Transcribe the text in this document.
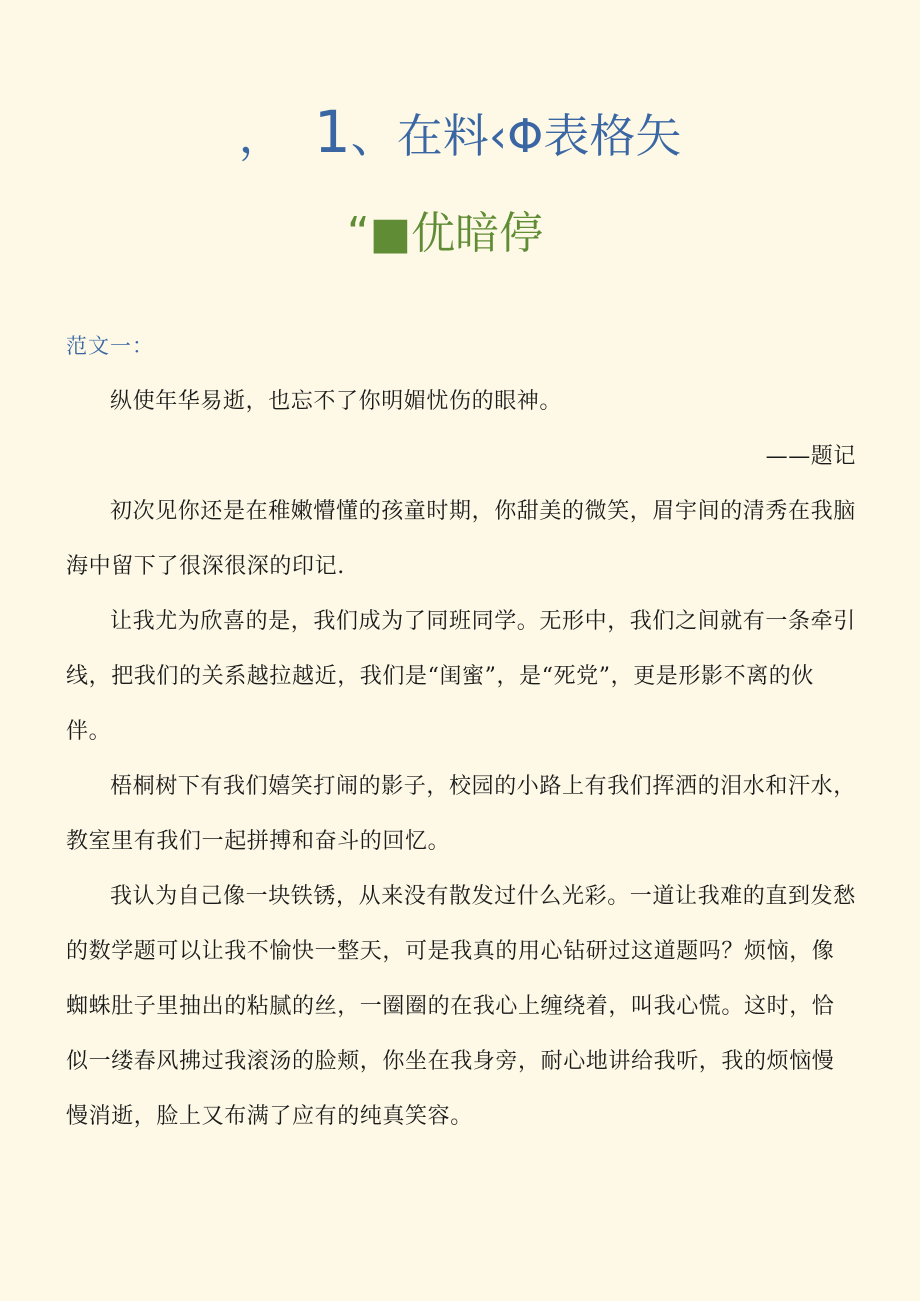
， 1、在料‹Φ表格矢
“■优暗停
范文一：

纵使年华易逝，也忘不了你明媚忧伤的眼神。

——题记

初次见你还是在稚嫩懵懂的孩童时期，你甜美的微笑，眉宇间的清秀在我脑海中留下了很深很深的印记.

让我尤为欣喜的是，我们成为了同班同学。无形中，我们之间就有一条牵引线，把我们的关系越拉越近，我们是“闺蜜”，是“死党”，更是形影不离的伙伴。

梧桐树下有我们嬉笑打闹的影子，校园的小路上有我们挥洒的泪水和汗水，教室里有我们一起拼搏和奋斗的回忆。

我认为自己像一块铁锈，从来没有散发过什么光彩。一道让我难的直到发愁的数学题可以让我不愉快一整天，可是我真的用心钻研过这道题吗？烦恼，像蜘蛛肚子里抽出的粘腻的丝，一圈圈的在我心上缠绕着，叫我心慌。这时，恰似一缕春风拂过我滚汤的脸颊，你坐在我身旁，耐心地讲给我听，我的烦恼慢慢消逝，脸上又布满了应有的纯真笑容。
